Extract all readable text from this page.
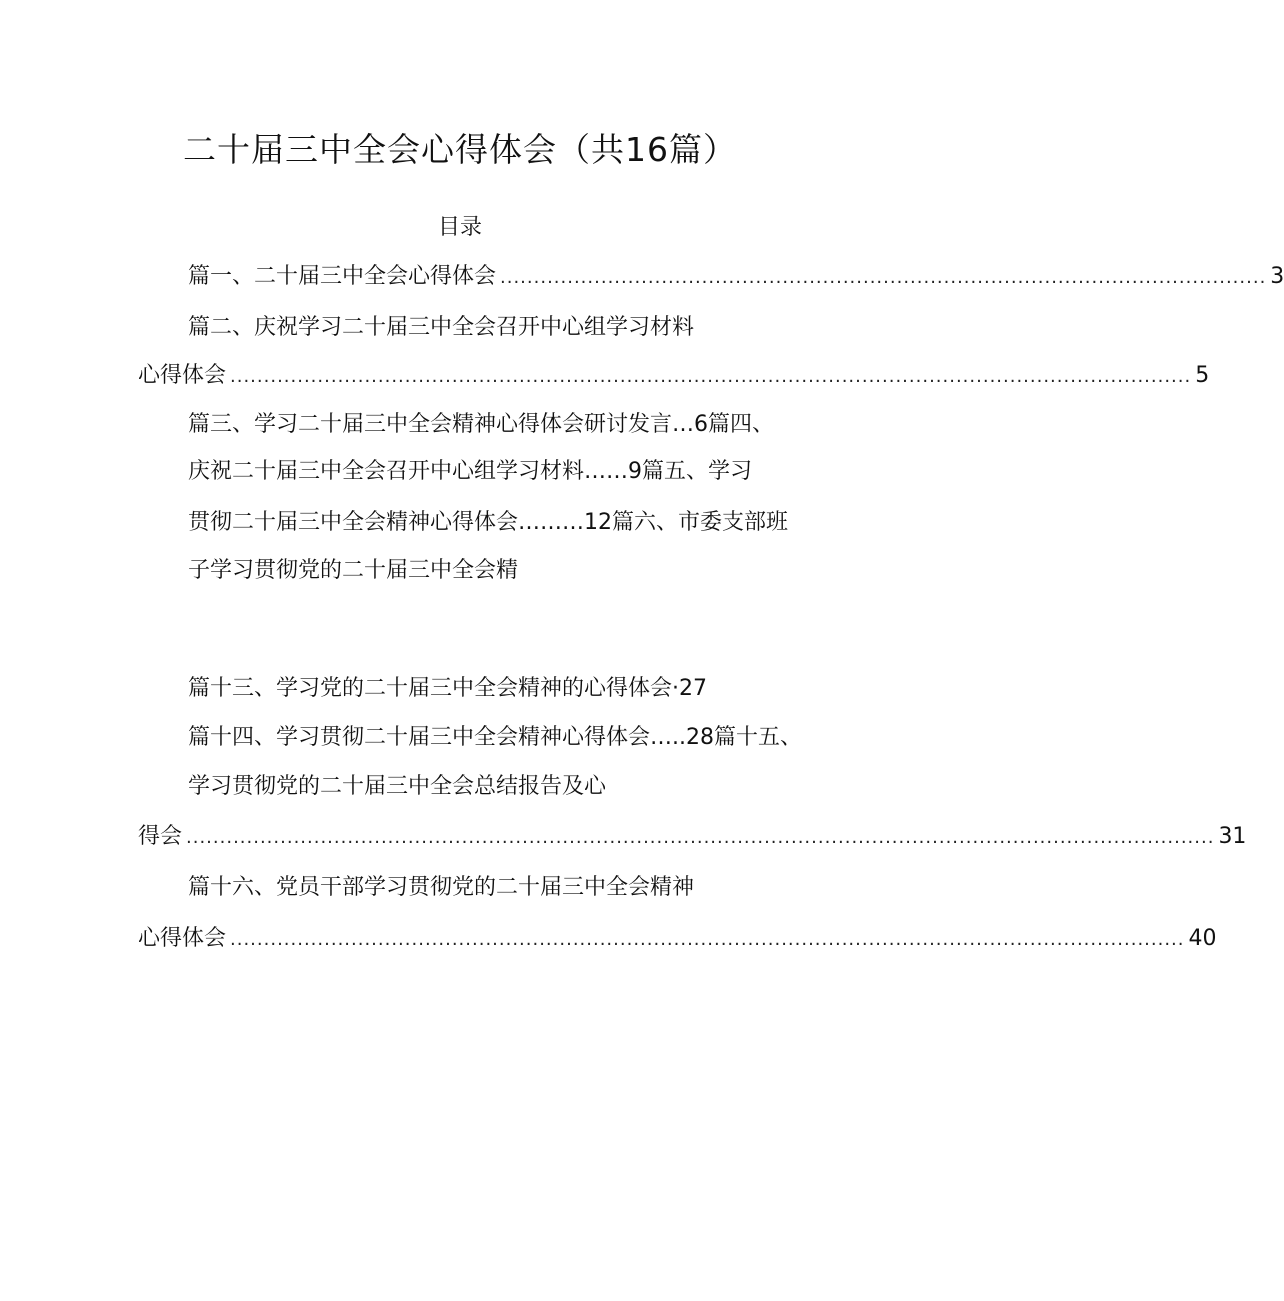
二十届三中全会心得体会（共16篇）
目录
篇一、二十届三中全会心得体会 .................................................................................................................. 3
篇二、庆祝学习二十届三中全会召开中心组学习材料
心得体会 ............................................................................................................................................... 5
篇三、学习二十届三中全会精神心得体会研讨发言…6篇四、
庆祝二十届三中全会召开中心组学习材料……9篇五、学习
贯彻二十届三中全会精神心得体会………12篇六、市委支部班
子学习贯彻党的二十届三中全会精
篇十三、学习党的二十届三中全会精神的心得体会·27
篇十四、学习贯彻二十届三中全会精神心得体会…..28篇十五、
学习贯彻党的二十届三中全会总结报告及心
得会 ......................................................................................................................................................... 31
篇十六、党员干部学习贯彻党的二十届三中全会精神
心得体会 .............................................................................................................................................. 40
